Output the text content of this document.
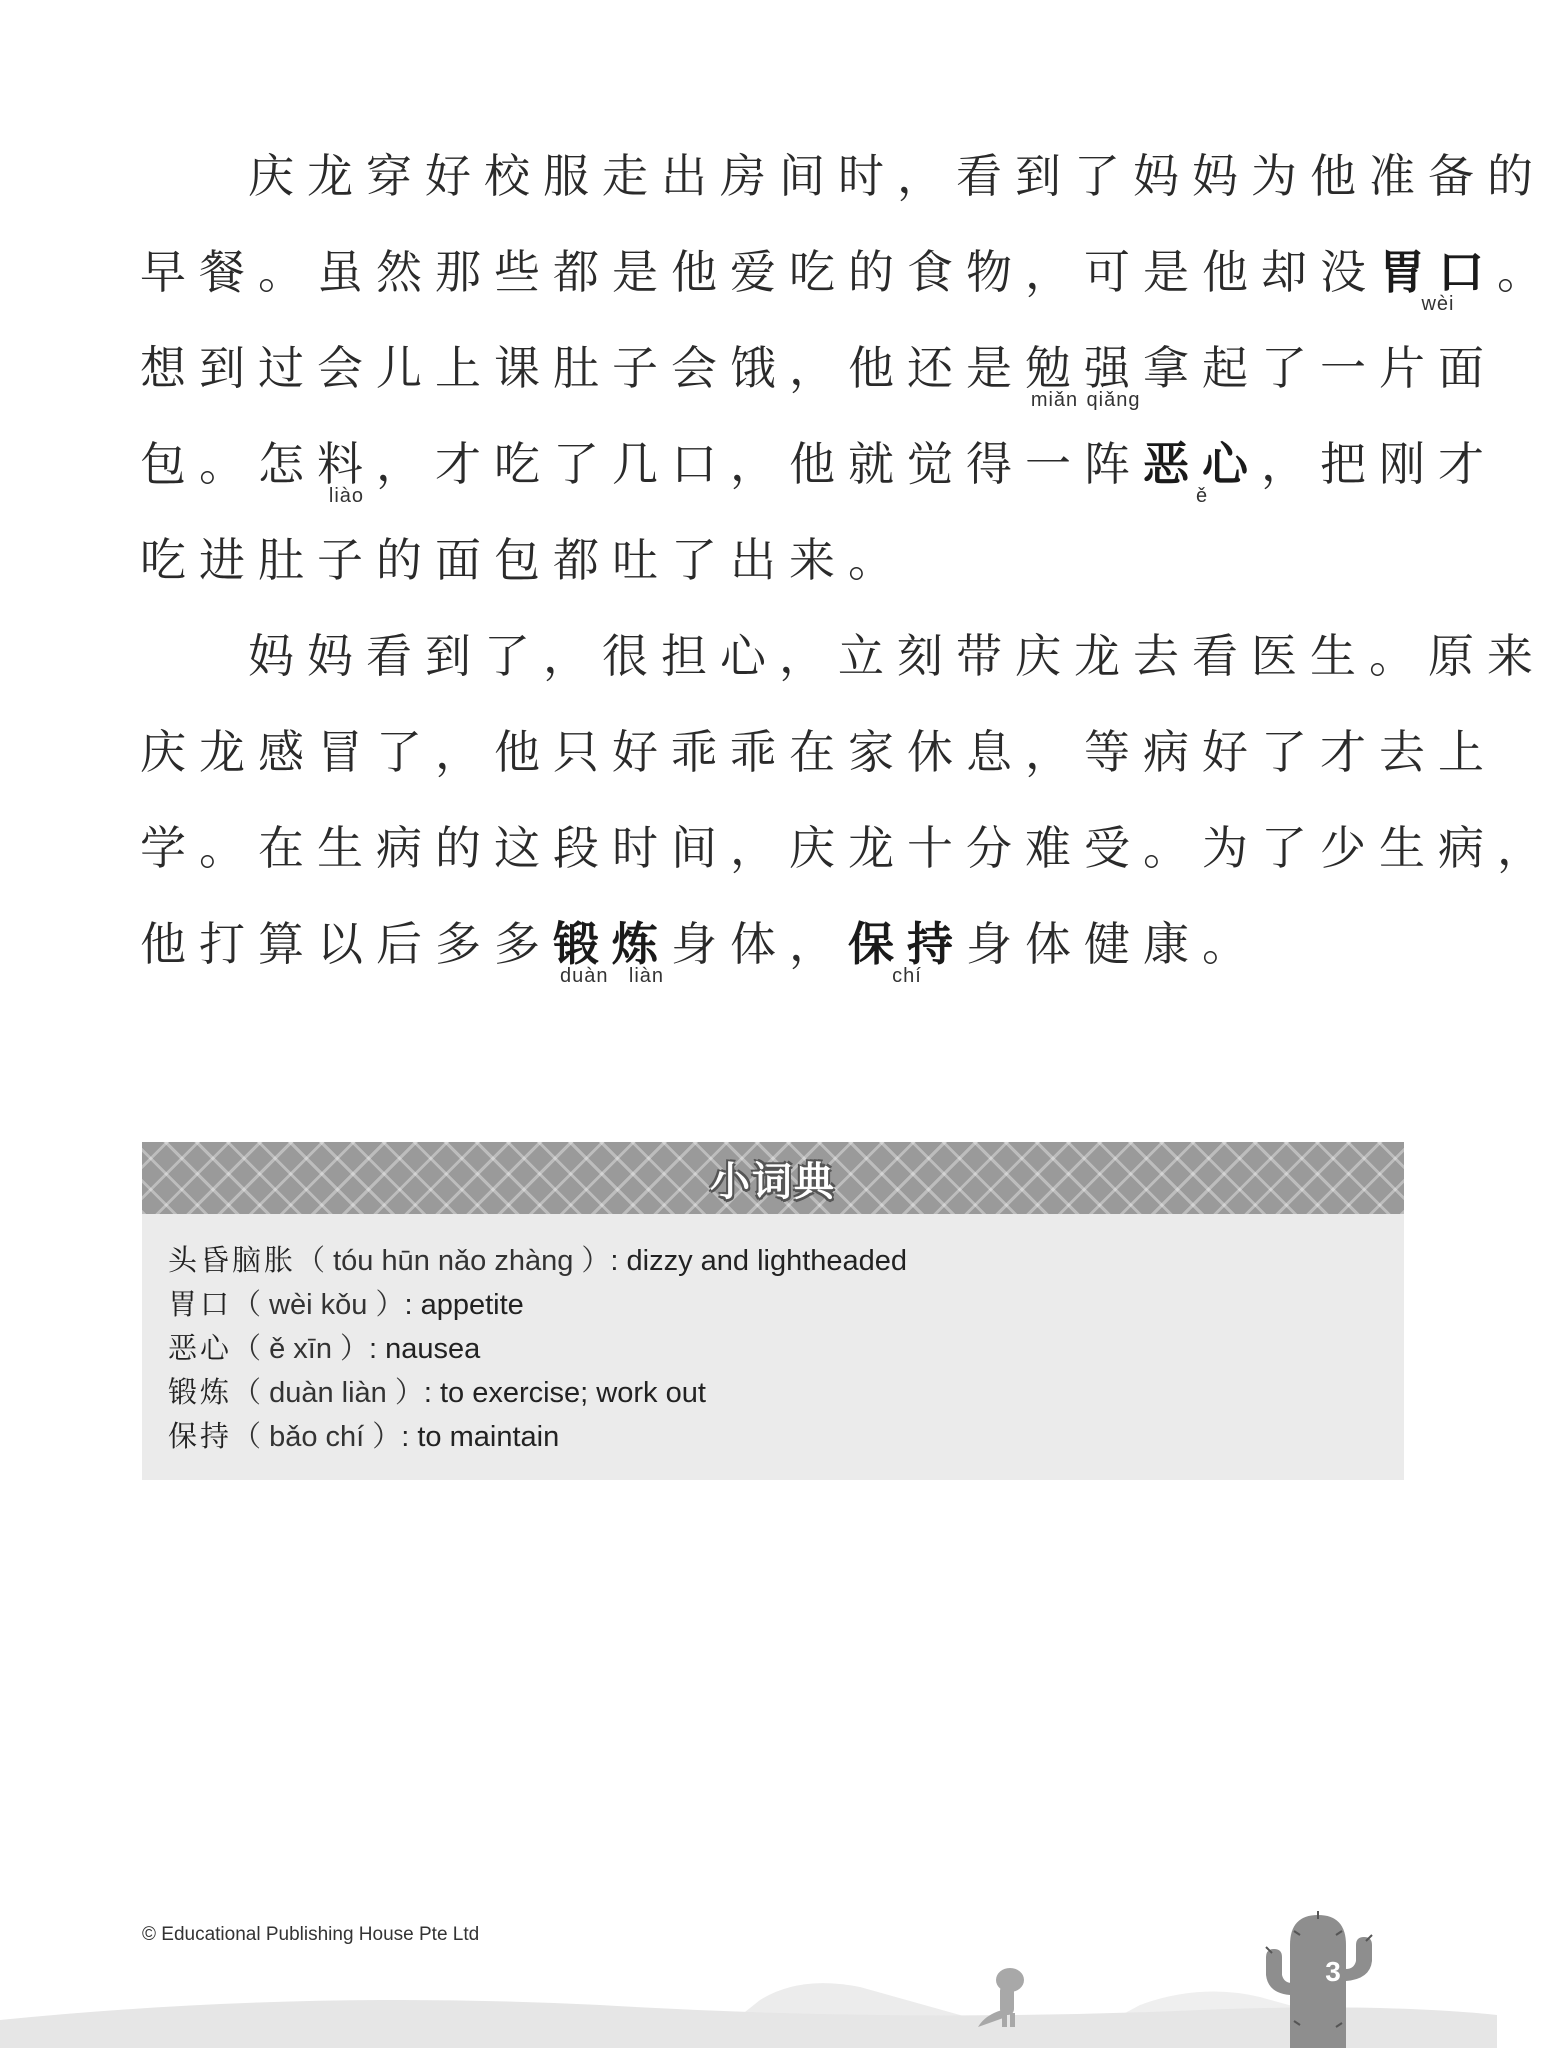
庆龙穿好校服走出房间时，看到了妈妈为他准备的
早餐。虽然那些都是他爱吃的食物，可是他却没胃口wèi。
想到过会儿上课肚子会饿，他还是勉miǎn强qiǎng拿起了一片面
包。怎料liào，才吃了几口，他就觉得一阵恶心ě，把刚才
吃进肚子的面包都吐了出来。
妈妈看到了，很担心，立刻带庆龙去看医生。原来
庆龙感冒了，他只好乖乖在家休息，等病好了才去上
学。在生病的这段时间，庆龙十分难受。为了少生病，
他打算以后多多锻炼duàn liàn身体，保持chí身体健康。
小词典
头昏脑胀（ tóu hūn nǎo zhàng ）: dizzy and lightheaded
胃口（ wèi kǒu ）: appetite
恶心（ ě xīn ）: nausea
锻炼（ duàn liàn ）: to exercise; work out
保持（ bǎo chí ）: to maintain
© Educational Publishing House Pte Ltd
3
